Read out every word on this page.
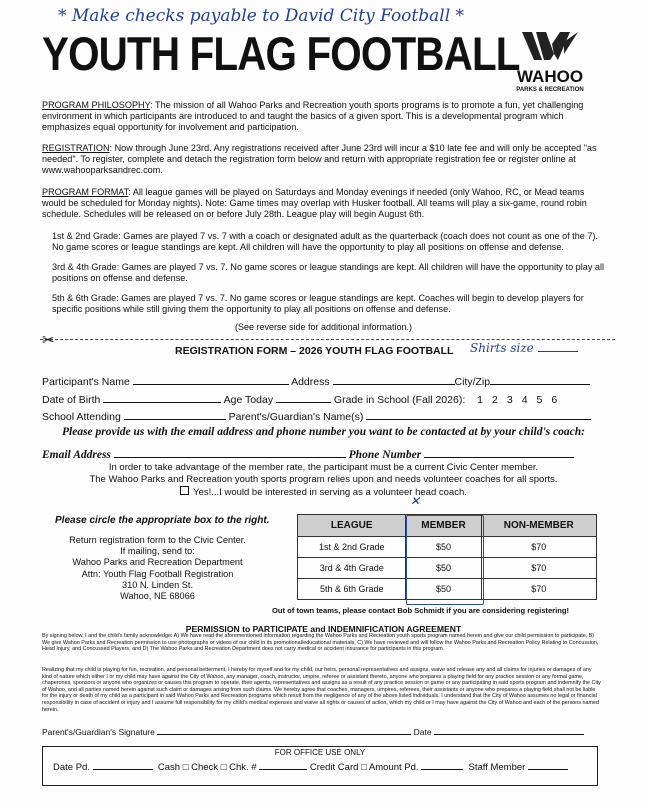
* Make checks payable to David City Football *
YOUTH FLAG FOOTBALL
WAHOO
PARKS & RECREATION
PROGRAM PHILOSOPHY: The mission of all Wahoo Parks and Recreation youth sports programs is to promote a fun, yet challenging environment in which participants are introduced to and taught the basics of a given sport. This is a developmental program which emphasizes equal opportunity for involvement and participation.
REGISTRATION: Now through June 23rd. Any registrations received after June 23rd will incur a $10 late fee and will only be accepted "as needed". To register, complete and detach the registration form below and return with appropriate registration fee or register online at www.wahooparksandrec.com.
PROGRAM FORMAT: All league games will be played on Saturdays and Monday evenings if needed (only Wahoo, RC, or Mead teams would be scheduled for Monday nights). Note: Game times may overlap with Husker football. All teams will play a six-game, round robin schedule. Schedules will be released on or before July 28th. League play will begin August 6th.
1st & 2nd Grade: Games are played 7 vs. 7 with a coach or designated adult as the quarterback (coach does not count as one of the 7). No game scores or league standings are kept. All children will have the opportunity to play all positions on offense and defense.
3rd & 4th Grade: Games are played 7 vs. 7. No game scores or league standings are kept. All children will have the opportunity to play all positions on offense and defense.
5th & 6th Grade: Games are played 7 vs. 7. No game scores or league standings are kept. Coaches will begin to develop players for specific positions while still giving them the opportunity to play all positions on offense and defense.
(See reverse side for additional information.)
✂
REGISTRATION FORM – 2026 YOUTH FLAG FOOTBALL Shirts size
Participant's Name	Address	City/Zip
Date of Birth	Age Today	Grade in School (Fall 2026): 1 2 3 4 5 6
School Attending	Parent's/Guardian's Name(s)
Please provide us with the email address and phone number you want to be contacted at by your child's coach:
Email Address	Phone Number
In order to take advantage of the member rate, the participant must be a current Civic Center member.
The Wahoo Parks and Recreation youth sports program relies upon and needs volunteer coaches for all sports.
Yes!...I would be interested in serving as a volunteer head coach.
✕
Please circle the appropriate box to the right.
Return registration form to the Civic Center.
If mailing, send to:
Wahoo Parks and Recreation Department
Attn: Youth Flag Football Registration
310 N. Linden St.
Wahoo, NE 68066
LEAGUE	MEMBER	NON-MEMBER
1st & 2nd Grade	$50	$70
3rd & 4th Grade	$50	$70
5th & 6th Grade	$50	$70
Out of town teams, please contact Bob Schmidt if you are considering registering!
PERMISSION to PARTICIPATE and INDEMNIFICATION AGREEMENT
By signing below, I and the child's family acknowledge: A) We have read the aforementioned information regarding the Wahoo Parks and Recreation youth sports program named herein and give our child permission to participate, B) We give Wahoo Parks and Recreation permission to use photographs or videos of our child in its promotional/educational materials, C) We have reviewed and will follow the Wahoo Parks and Recreation Policy Relating to Concussion, Head Injury, and Concussed Players, and D) The Wahoo Parks and Recreation Department does not carry medical or accident insurance for participants in this program.
Realizing that my child is playing for fun, recreation, and personal betterment, I hereby for myself and for my child, our heirs, personal representatives and assigns, waive and release any and all claims for injuries or damages of any kind of nature which either I or my child may have against the City of Wahoo, any manager, coach, instructor, umpire, referee or assistant thereto, anyone who prepares a playing field for any practice session or any formal game, chaperones, sponsors or anyone who organizes or causes this program to operate, their agents, representatives and assigns as a result of any practice session or game or any participating in said sports program and indemnify the City of Wahoo, and all parties named herein against such claim or damages arising from such claims. We hereby agree that coaches, managers, umpires, referees, their assistants or anyone who prepares a playing field shall not be liable for the injury or death of my child as a participant in said Wahoo Parks and Recreation programs which result from the negligence of any of the above listed individuals. I understand that the City of Wahoo assumes no legal or financial responsibility in case of accident or injury and I assume full responsibility for my child's medical expenses and waive all rights or causes of action, which my child or I may have against the City of Wahoo and each of the persons named herein.
Parent's/Guardian's Signature	Date
FOR OFFICE USE ONLY
Date Pd.	Cash □ Check □ Chk. #	Credit Card □ Amount Pd.	Staff Member
